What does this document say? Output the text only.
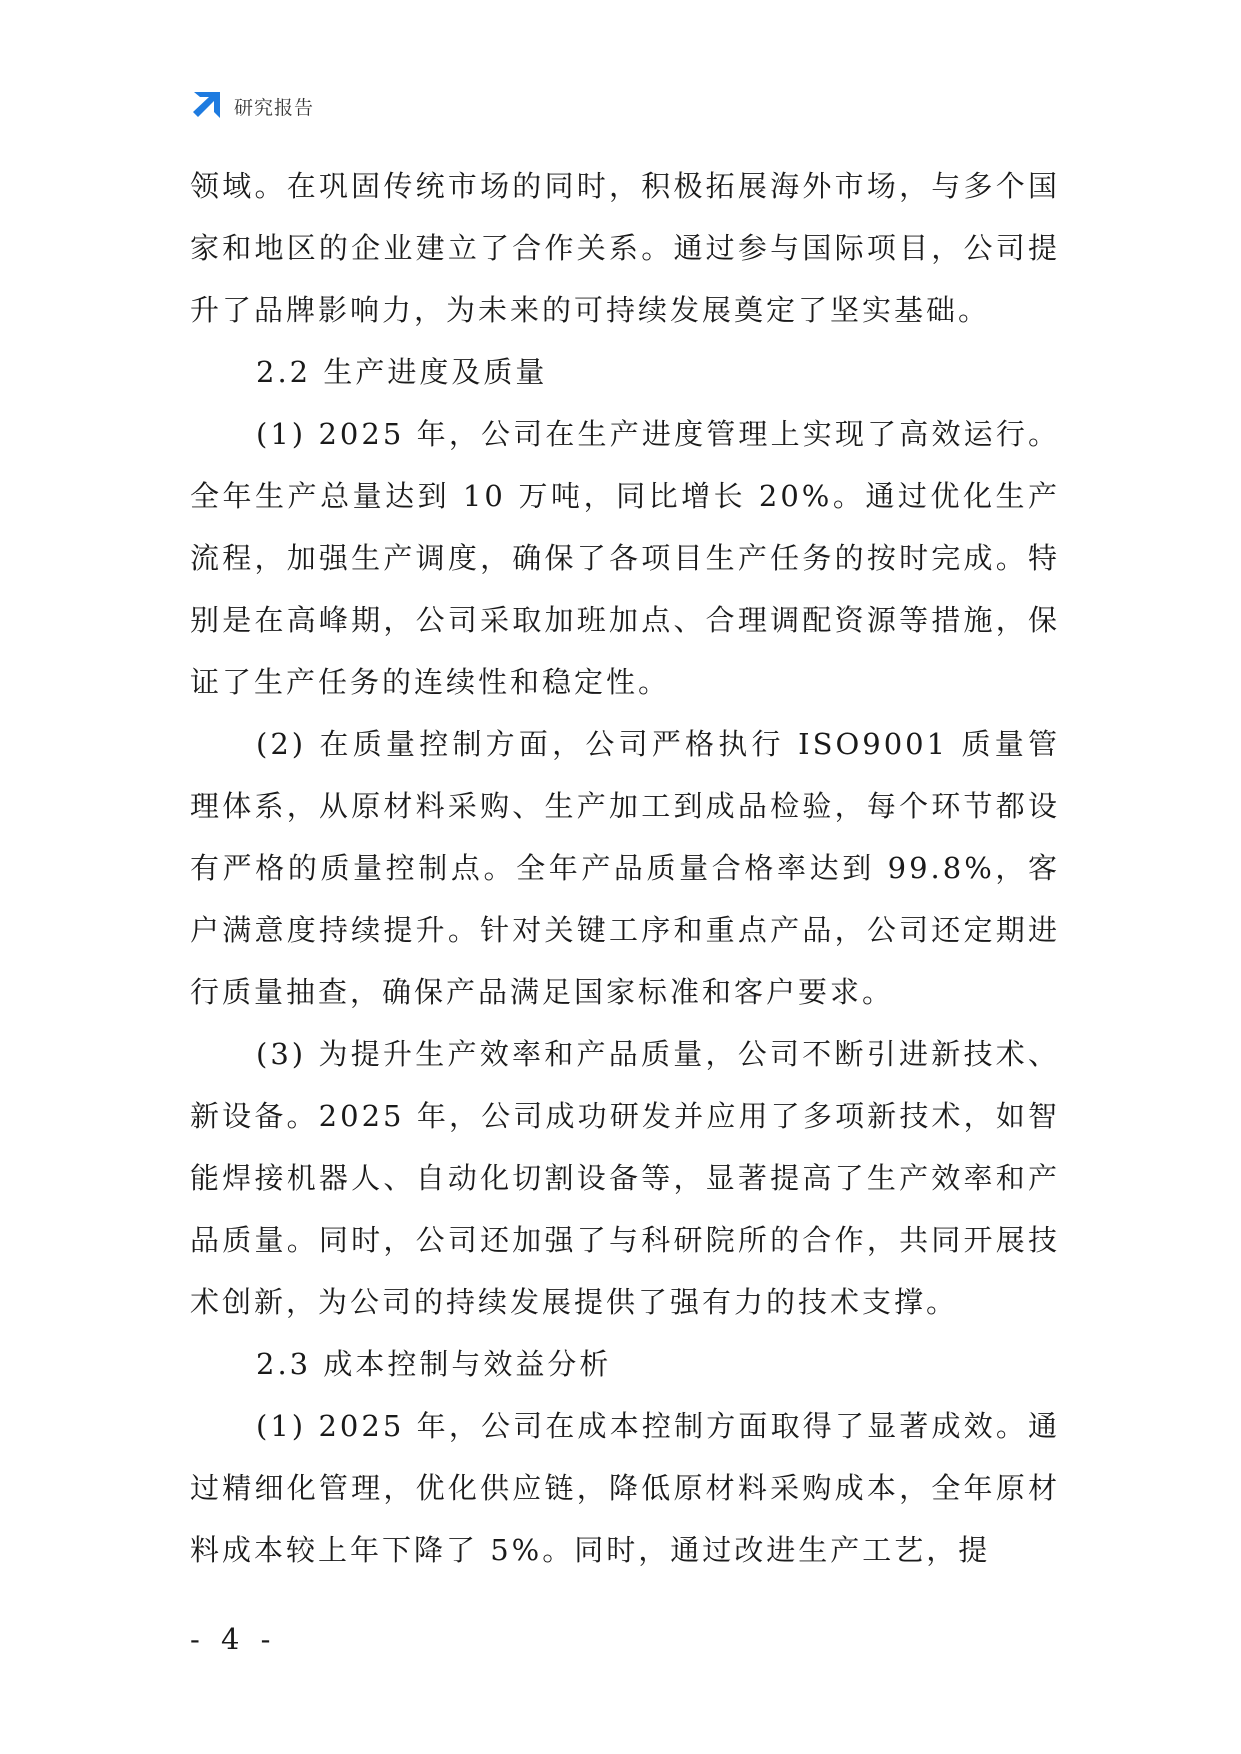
研究报告

领域。在巩固传统市场的同时，积极拓展海外市场，与多个国家和地区的企业建立了合作关系。通过参与国际项目，公司提升了品牌影响力，为未来的可持续发展奠定了坚实基础。

2.2 生产进度及质量

(1) 2025 年，公司在生产进度管理上实现了高效运行。全年生产总量达到 10 万吨，同比增长 20%。通过优化生产流程，加强生产调度，确保了各项目生产任务的按时完成。特别是在高峰期，公司采取加班加点、合理调配资源等措施，保证了生产任务的连续性和稳定性。

(2) 在质量控制方面，公司严格执行 ISO9001 质量管理体系，从原材料采购、生产加工到成品检验，每个环节都设有严格的质量控制点。全年产品质量合格率达到 99.8%，客户满意度持续提升。针对关键工序和重点产品，公司还定期进行质量抽查，确保产品满足国家标准和客户要求。

(3) 为提升生产效率和产品质量，公司不断引进新技术、新设备。2025 年，公司成功研发并应用了多项新技术，如智能焊接机器人、自动化切割设备等，显著提高了生产效率和产品质量。同时，公司还加强了与科研院所的合作，共同开展技术创新，为公司的持续发展提供了强有力的技术支撑。

2.3 成本控制与效益分析

(1) 2025 年，公司在成本控制方面取得了显著成效。通过精细化管理，优化供应链，降低原材料采购成本，全年原材料成本较上年下降了 5%。同时，通过改进生产工艺，提

- 4 -
